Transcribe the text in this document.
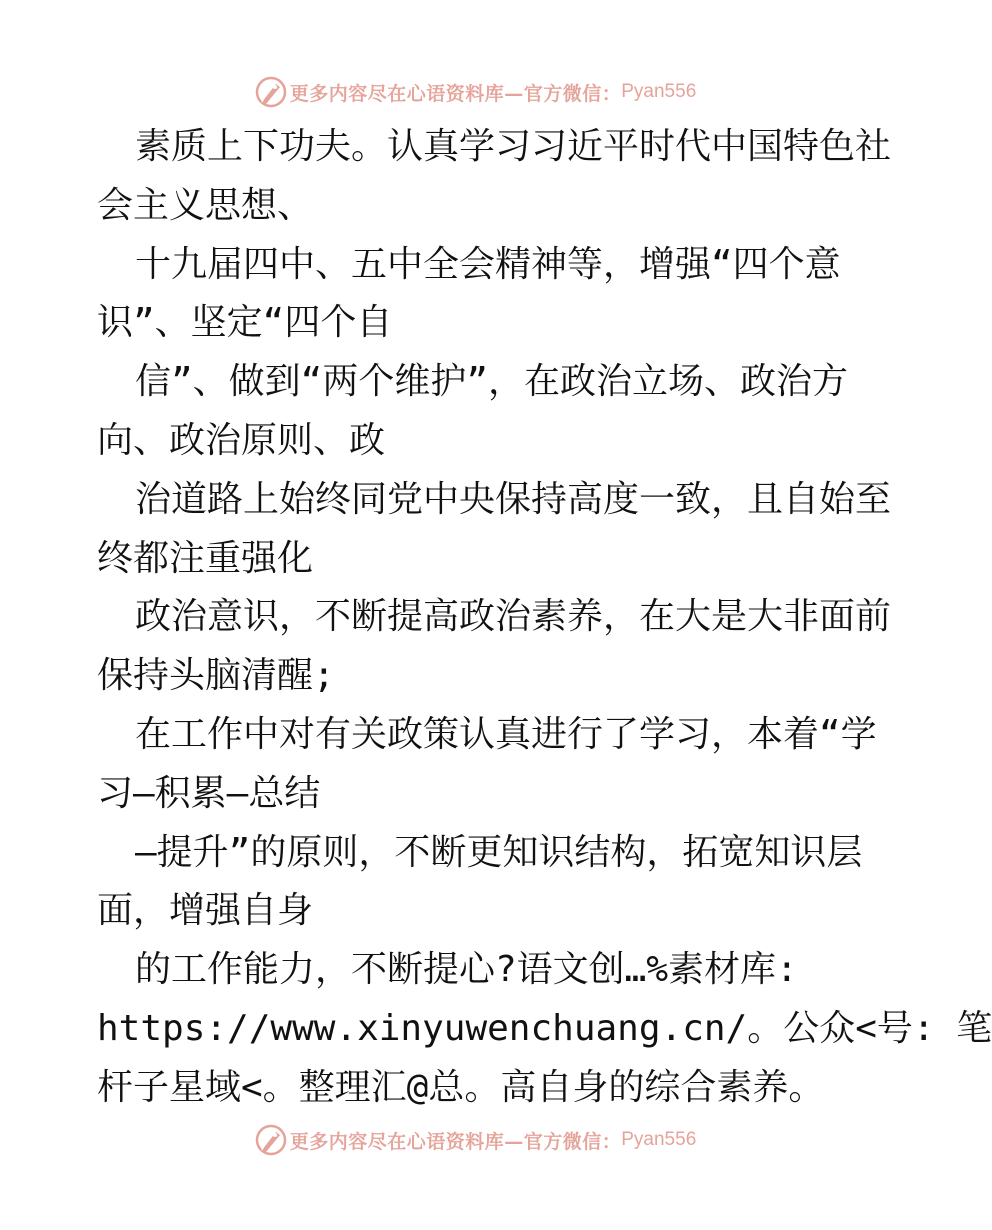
更多内容尽在心语资料库—官方微信： Pyan556
素质上下功夫。认真学习习近平时代中国特色社
会主义思想、
十九届四中、五中全会精神等，增强“四个意
识”、坚定“四个自
信”、做到“两个维护”，在政治立场、政治方
向、政治原则、政
治道路上始终同党中央保持高度一致，且自始至
终都注重强化
政治意识，不断提高政治素养，在大是大非面前
保持头脑清醒;
在工作中对有关政策认真进行了学习，本着“学
习—积累—总结
—提升”的原则，不断更知识结构，拓宽知识层
面，增强自身
的工作能力，不断提心?语文创…%素材库:
https://www.xinyuwenchuang.cn/。公众<号: 笔
杆子星域<。整理汇@总。高自身的综合素养。
更多内容尽在心语资料库—官方微信： Pyan556
